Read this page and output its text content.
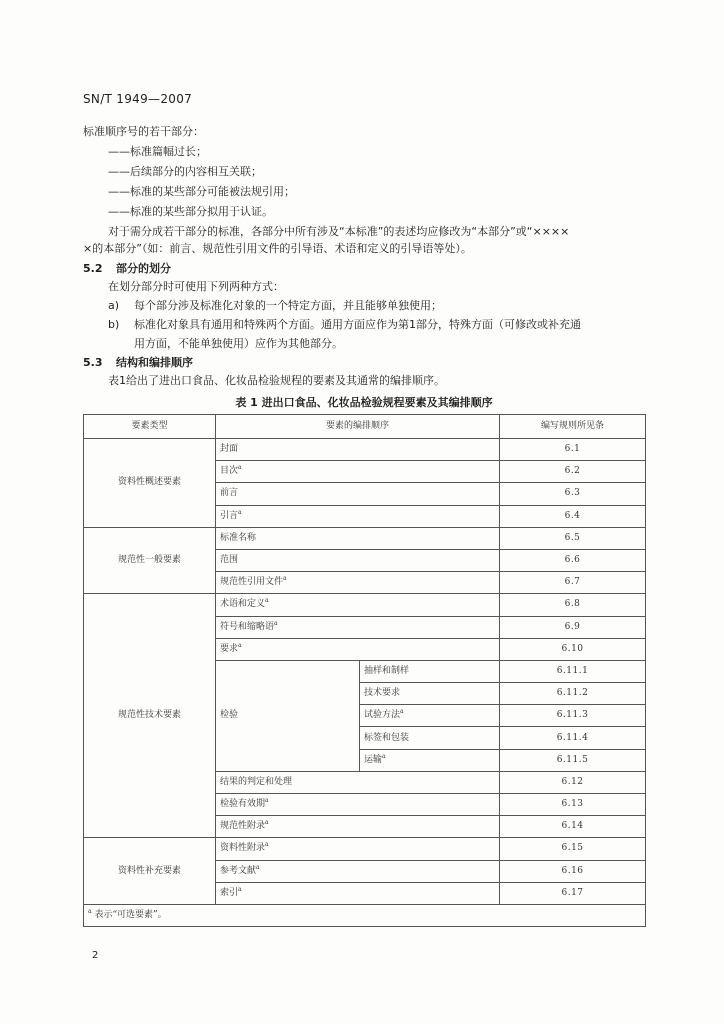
SN/T 1949—2007
标准顺序号的若干部分：
——标准篇幅过长；
——后续部分的内容相互关联；
——标准的某些部分可能被法规引用；
——标准的某些部分拟用于认证。
对于需分成若干部分的标准，各部分中所有涉及“本标准”的表述均应修改为“本部分”或“××××
×的本部分”（如：前言、规范性引用文件的引导语、术语和定义的引导语等处）。
5.2 部分的划分
在划分部分时可使用下列两种方式：
a) 每个部分涉及标准化对象的一个特定方面，并且能够单独使用；
b) 标准化对象具有通用和特殊两个方面。通用方面应作为第1部分，特殊方面（可修改或补充通
用方面，不能单独使用）应作为其他部分。
5.3 结构和编排顺序
表1给出了进出口食品、化妆品检验规程的要素及其通常的编排顺序。
表 1 进出口食品、化妆品检验规程要素及其编排顺序
要素类型	要素的编排顺序		编写规则所见条
资料性概述要素	封面		6.1
	目次$^a$		6.2
	前言		6.3
	引言$^a$		6.4
规范性一般要素	标准名称		6.5
	范围		6.6
	规范性引用文件$^a$		6.7
规范性技术要素	术语和定义$^a$		6.8
	符号和缩略语$^a$		6.9
	要求$^a$		6.10
	检验	抽样和制样	6.11.1
		技术要求	6.11.2
		试验方法$^a$	6.11.3
		标签和包装	6.11.4
		运输$^a$	6.11.5
	结果的判定和处理		6.12
	检验有效期$^a$		6.13
	规范性附录$^a$		6.14
资料性补充要素	资料性附录$^a$		6.15
	参考文献$^a$		6.16
	索引$^a$		6.17
$^a$ 表示“可选要素”。			
2
